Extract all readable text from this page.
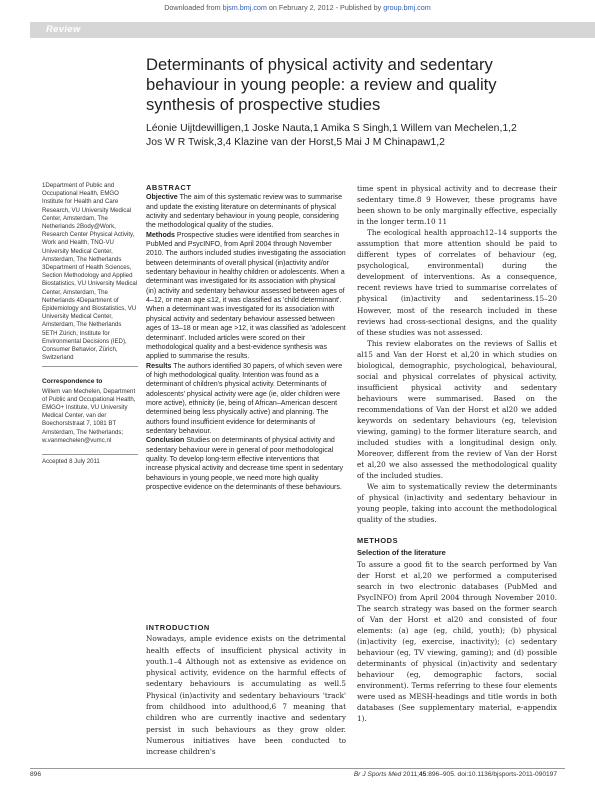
Downloaded from bjsm.bmj.com on February 2, 2012 - Published by group.bmj.com
Review
Determinants of physical activity and sedentary behaviour in young people: a review and quality synthesis of prospective studies
Léonie Uijtdewilligen,1 Joske Nauta,1 Amika S Singh,1 Willem van Mechelen,1,2
Jos W R Twisk,3,4 Klazine van der Horst,5 Mai J M Chinapaw1,2

1Department of Public and Occupational Health, EMGO Institute for Health and Care Research, VU University Medical Center, Amsterdam, The Netherlands 2Body@Work, Research Center Physical Activity, Work and Health, TNO-VU University Medical Center, Amsterdam, The Netherlands 3Department of Health Sciences, Section Methodology and Applied Biostatistics, VU University Medical Center, Amsterdam, The Netherlands 4Department of Epidemiology and Biostatistics, VU University Medical Center, Amsterdam, The Netherlands 5ETH Zürich, Institute for Environmental Decisions (IED), Consumer Behavior, Zürich, Switzerland

Correspondence to

Willem van Mechelen, Department of Public and Occupational Health, EMGO+ Institute, VU University Medical Center, van der Boechorststraat 7, 1081 BT Amsterdam, The Netherlands; w.vanmechelen@vumc.nl

Accepted 8 July 2011

ABSTRACT

Objective The aim of this systematic review was to summarise and update the existing literature on determinants of physical activity and sedentary behaviour in young people, considering the methodological quality of the studies.

Methods Prospective studies were identified from searches in PubMed and PsycINFO, from April 2004 through November 2010. The authors included studies investigating the association between determinants of overall physical (in)activity and/or sedentary behaviour in healthy children or adolescents. When a determinant was investigated for its association with physical (in) activity and sedentary behaviour assessed between ages of 4–12, or mean age ≤12, it was classified as 'child determinant'. When a determinant was investigated for its association with physical activity and sedentary behaviour assessed between ages of 13–18 or mean age >12, it was classified as 'adolescent determinant'. Included articles were scored on their methodological quality and a best-evidence synthesis was applied to summarise the results.

Results The authors identified 30 papers, of which seven were of high methodological quality. Intention was found as a determinant of children's physical activity. Determinants of adolescents' physical activity were age (ie, older children were more active), ethnicity (ie, being of African–American descent determined being less physically active) and planning. The authors found insufficient evidence for determinants of sedentary behaviour.

Conclusion Studies on determinants of physical activity and sedentary behaviour were in general of poor methodological quality. To develop long-term effective interventions that increase physical activity and decrease time spent in sedentary behaviours in young people, we need more high quality prospective evidence on the determinants of these behaviours.

INTRODUCTION

Nowadays, ample evidence exists on the detrimental health effects of insufficient physical activity in youth.1–4 Although not as extensive as evidence on physical activity, evidence on the harmful effects of sedentary behaviours is accumulating as well.5 Physical (in)activity and sedentary behaviours 'track' from childhood into adulthood,6 7 meaning that children who are currently inactive and sedentary persist in such behaviours as they grow older. Numerous initiatives have been conducted to increase children's

time spent in physical activity and to decrease their sedentary time.8 9 However, these programs have been shown to be only marginally effective, especially in the longer term.10 11

The ecological health approach12–14 supports the assumption that more attention should be paid to different types of correlates of behaviour (eg, psychological, environmental) during the development of interventions. As a consequence, recent reviews have tried to summarise correlates of physical (in)activity and sedentariness.15–20 However, most of the research included in these reviews had cross-sectional designs, and the quality of these studies was not assessed.

This review elaborates on the reviews of Sallis et al15 and Van der Horst et al,20 in which studies on biological, demographic, psychological, behavioural, social and physical correlates of physical activity, insufficient physical activity and sedentary behaviours were summarised. Based on the recommendations of Van der Horst et al20 we added keywords on sedentary behaviours (eg, television viewing, gaming) to the former literature search, and included studies with a longitudinal design only. Moreover, different from the review of Van der Horst et al,20 we also assessed the methodological quality of the included studies.

We aim to systematically review the determinants of physical (in)activity and sedentary behaviour in young people, taking into account the methodological quality of the studies.

METHODS
Selection of the literature

To assure a good fit to the search performed by Van der Horst et al,20 we performed a computerised search in two electronic databases (PubMed and PsycINFO) from April 2004 through November 2010. The search strategy was based on the former search of Van der Horst et al20 and consisted of four elements: (a) age (eg, child, youth); (b) physical (in)activity (eg, exercise, inactivity); (c) sedentary behaviour (eg, TV viewing, gaming); and (d) possible determinants of physical (in)activity and sedentary behaviour (eg, demographic factors, social environment). Terms referring to these four elements were used as MESH-headings and title words in both databases (See supplementary material, e-appendix 1).

896	Br J Sports Med 2011;45:896–905. doi:10.1136/bjsports-2011-090197
